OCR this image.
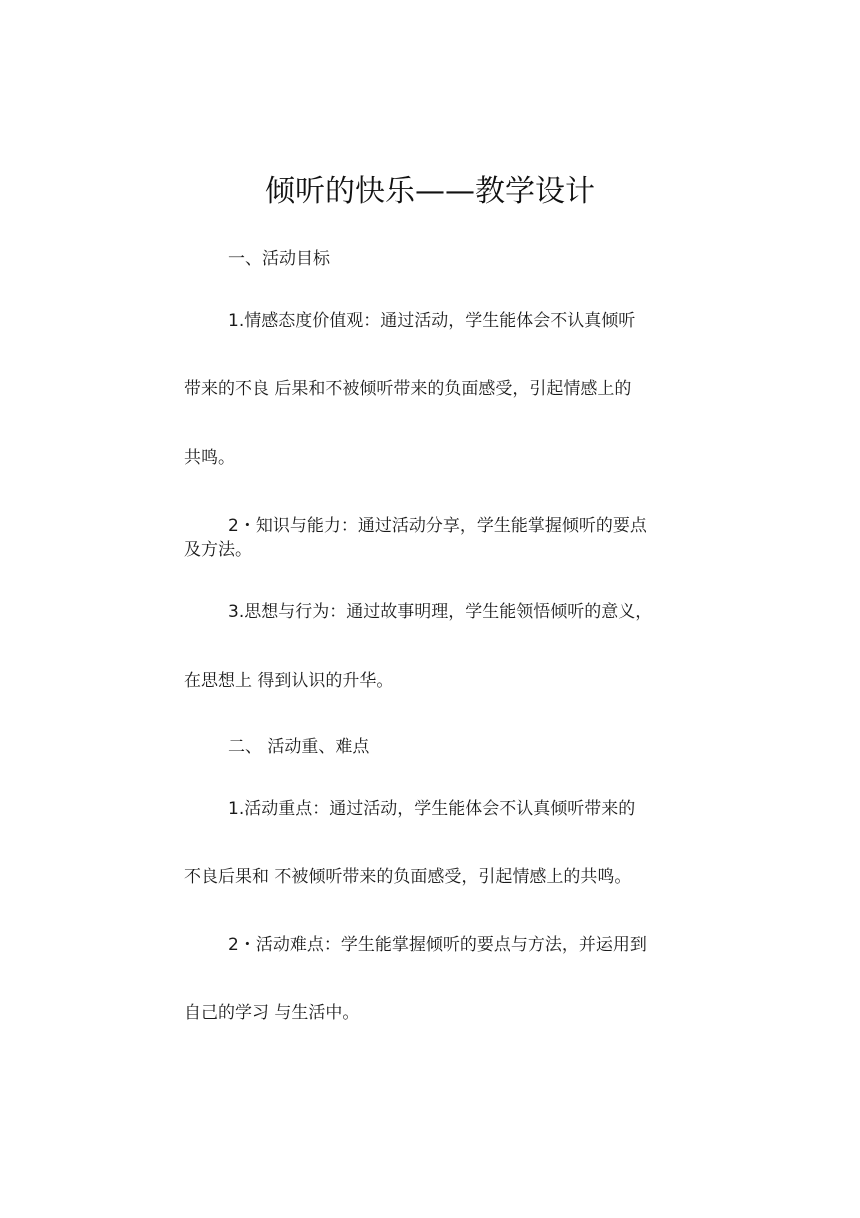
倾听的快乐——教学设计
一、活动目标
1.情感态度价值观：通过活动，学生能体会不认真倾听
带来的不良 后果和不被倾听带来的负面感受，引起情感上的
共鸣。
2・知识与能力：通过活动分享，学生能掌握倾听的要点
及方法。
3.思想与行为：通过故事明理，学生能领悟倾听的意义，
在思想上 得到认识的升华。
二、 活动重、难点
1.活动重点：通过活动，学生能体会不认真倾听带来的
不良后果和 不被倾听带来的负面感受，引起情感上的共鸣。
2・活动难点：学生能掌握倾听的要点与方法，并运用到
自己的学习 与生活中。
